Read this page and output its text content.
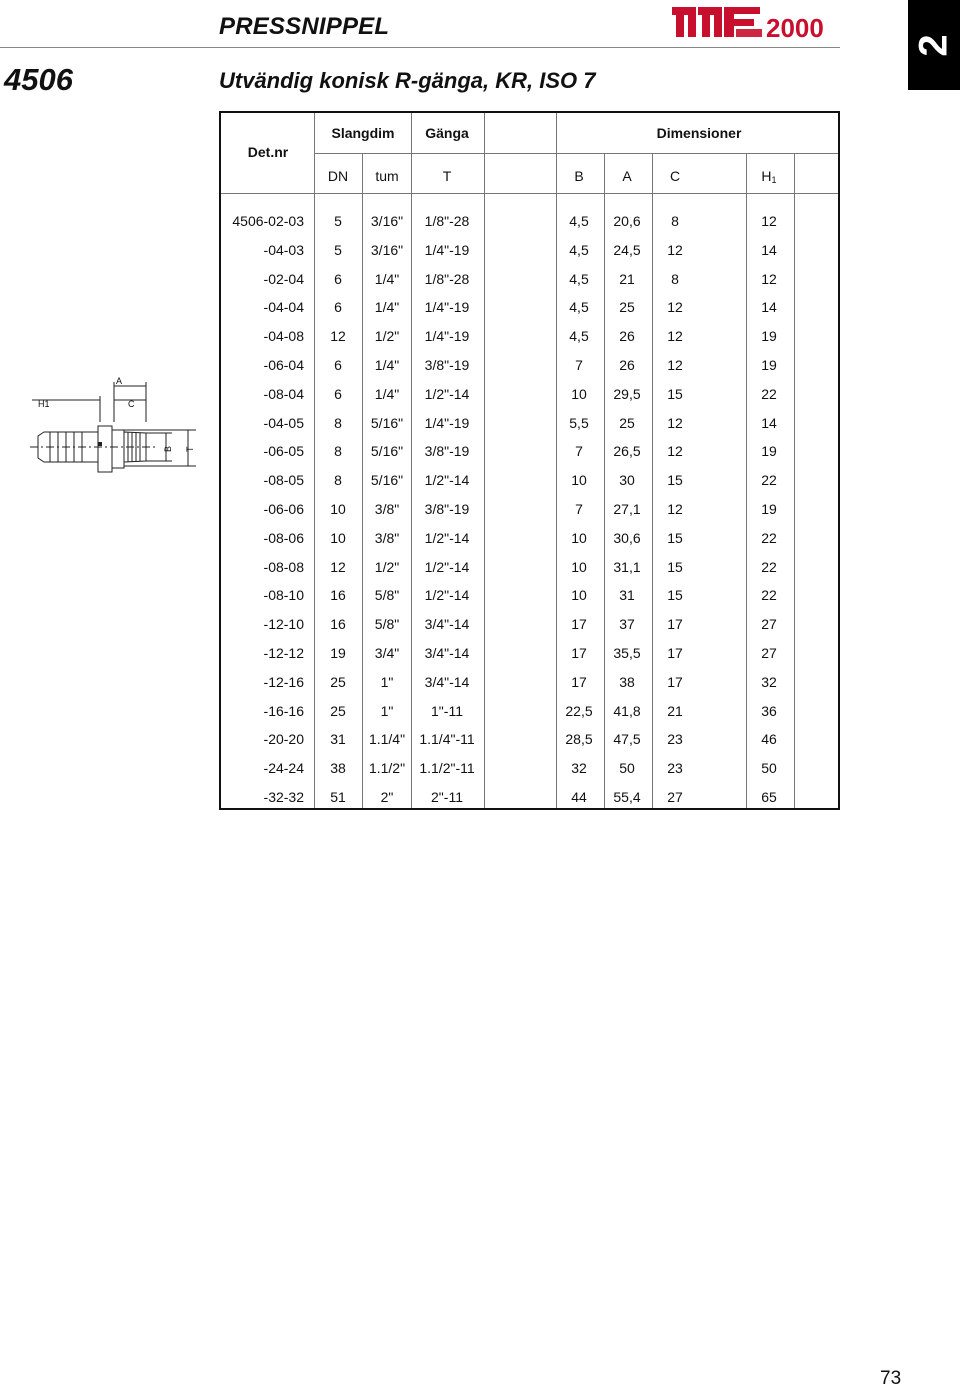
PRESSNIPPEL
4506	Utvändig konisk R-gänga, KR, ISO 7
2000
2
A
C
H1
B T
Det.nr
Slangdim Gänga	Dimensioner
DN tum	T	B	A	C	$H_1$
4506-02-03 5 3/16" 1/8"-28	4,5 20,6 8	12
-04-03 5 3/16" 1/4"-19	4,5 24,5 12	14
-02-04 6 1/4" 1/8"-28	4,5 21	8	12
-04-04 6 1/4" 1/4"-19	4,5 25 12	14
-04-08 12 1/2" 1/4"-19	4,5 26 12	19
-06-04 6 1/4" 3/8"-19	7	26 12	19
-08-04 6 1/4" 1/2"-14	10 29,5 15	22
-04-05 8 5/16" 1/4"-19	5,5 25 12	14
-06-05 8 5/16" 3/8"-19	7 26,5 12	19
-08-05 8 5/16" 1/2"-14	10 30 15	22
-06-06 10 3/8" 3/8"-19	7 27,1 12	19
-08-06 10 3/8" 1/2"-14	10 30,6 15	22
-08-08 12 1/2" 1/2"-14	10 31,1 15	22
-08-10 16 5/8" 1/2"-14	10 31 15	22
-12-10 16 5/8" 3/4"-14	17 37 17	27
-12-12 19 3/4" 3/4"-14	17 35,5 17	27
-12-16 25 1" 3/4"-14	17 38 17	32
-16-16 25 1"	1"-11	22,5 41,8 21	36
-20-20 31 1.1/4" 1.1/4"-11	28,5 47,5 23	46
-24-24 38 1.1/2" 1.1/2"-11	32 50 23	50
-32-32 51 2"	2"-11	44 55,4 27	65
73
